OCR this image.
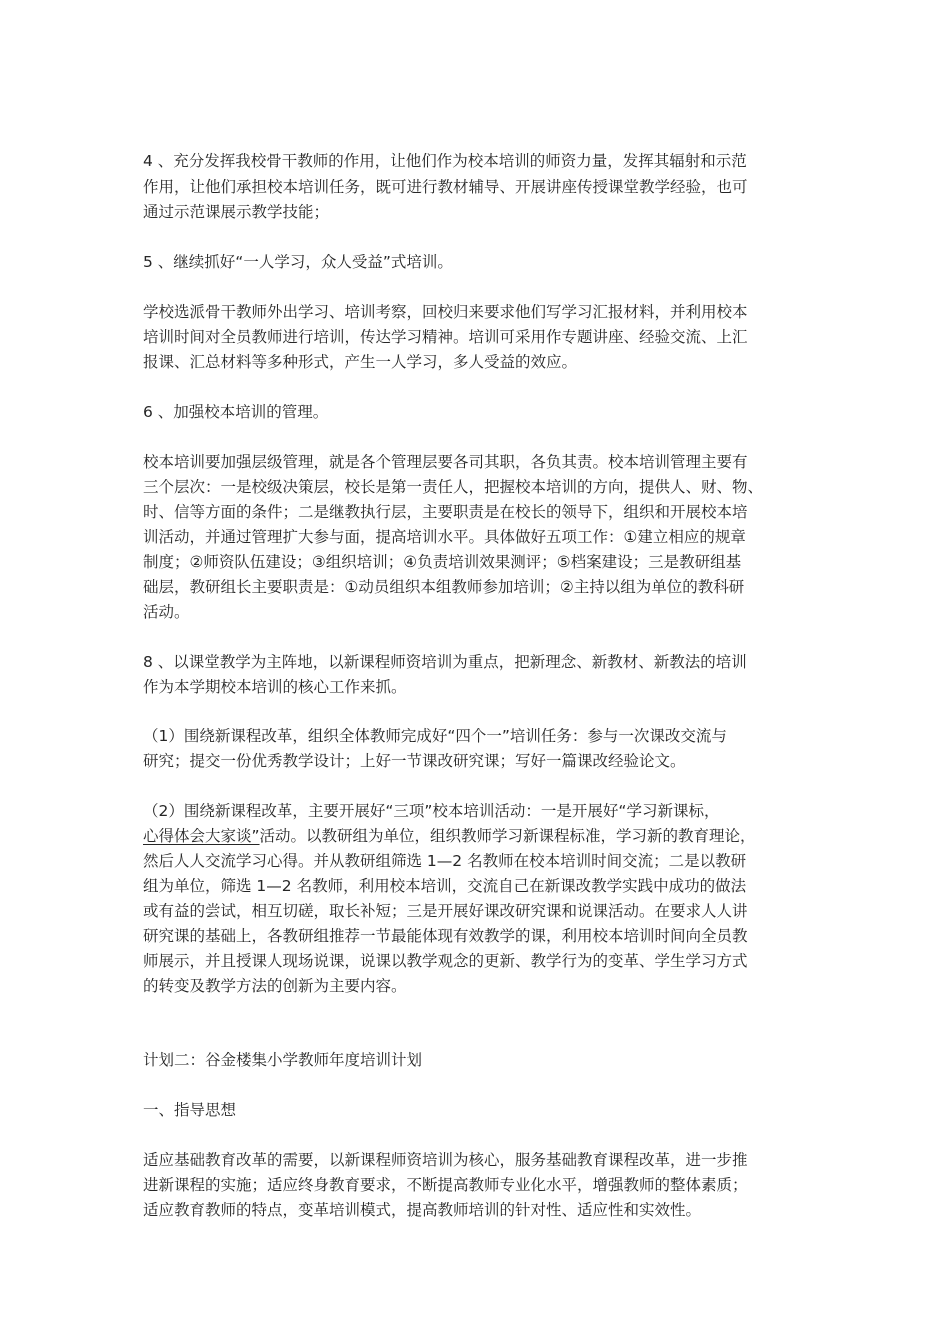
4 、充分发挥我校骨干教师的作用，让他们作为校本培训的师资力量，发挥其辐射和示范
作用，让他们承担校本培训任务，既可进行教材辅导、开展讲座传授课堂教学经验，也可
通过示范课展示教学技能；
5 、继续抓好“一人学习，众人受益”式培训。
学校选派骨干教师外出学习、培训考察，回校归来要求他们写学习汇报材料，并利用校本
培训时间对全员教师进行培训，传达学习精神。培训可采用作专题讲座、经验交流、上汇
报课、汇总材料等多种形式，产生一人学习，多人受益的效应。
6 、加强校本培训的管理。
校本培训要加强层级管理，就是各个管理层要各司其职，各负其责。校本培训管理主要有
三个层次：一是校级决策层，校长是第一责任人，把握校本培训的方向，提供人、财、物、
时、信等方面的条件；二是继教执行层，主要职责是在校长的领导下，组织和开展校本培
训活动，并通过管理扩大参与面，提高培训水平。具体做好五项工作：①建立相应的规章
制度；②师资队伍建设；③组织培训；④负责培训效果测评；⑤档案建设；三是教研组基
础层，教研组长主要职责是：①动员组织本组教师参加培训；②主持以组为单位的教科研
活动。
8 、以课堂教学为主阵地，以新课程师资培训为重点，把新理念、新教材、新教法的培训
作为本学期校本培训的核心工作来抓。
（1）围绕新课程改革，组织全体教师完成好“四个一”培训任务：参与一次课改交流与
研究；提交一份优秀教学设计；上好一节课改研究课；写好一篇课改经验论文。
（2）围绕新课程改革，主要开展好“三项”校本培训活动：一是开展好“学习新课标，
心得体会大家谈”活动。以教研组为单位，组织教师学习新课程标准，学习新的教育理论，
然后人人交流学习心得。并从教研组筛选 1—2 名教师在校本培训时间交流；二是以教研
组为单位，筛选 1—2 名教师，利用校本培训，交流自己在新课改教学实践中成功的做法
或有益的尝试，相互切磋，取长补短；三是开展好课改研究课和说课活动。在要求人人讲
研究课的基础上，各教研组推荐一节最能体现有效教学的课，利用校本培训时间向全员教
师展示，并且授课人现场说课，说课以教学观念的更新、教学行为的变革、学生学习方式
的转变及教学方法的创新为主要内容。
计划二：谷金楼集小学教师年度培训计划
一、指导思想
适应基础教育改革的需要，以新课程师资培训为核心，服务基础教育课程改革，进一步推
进新课程的实施；适应终身教育要求，不断提高教师专业化水平，增强教师的整体素质；
适应教育教师的特点，变革培训模式，提高教师培训的针对性、适应性和实效性。
